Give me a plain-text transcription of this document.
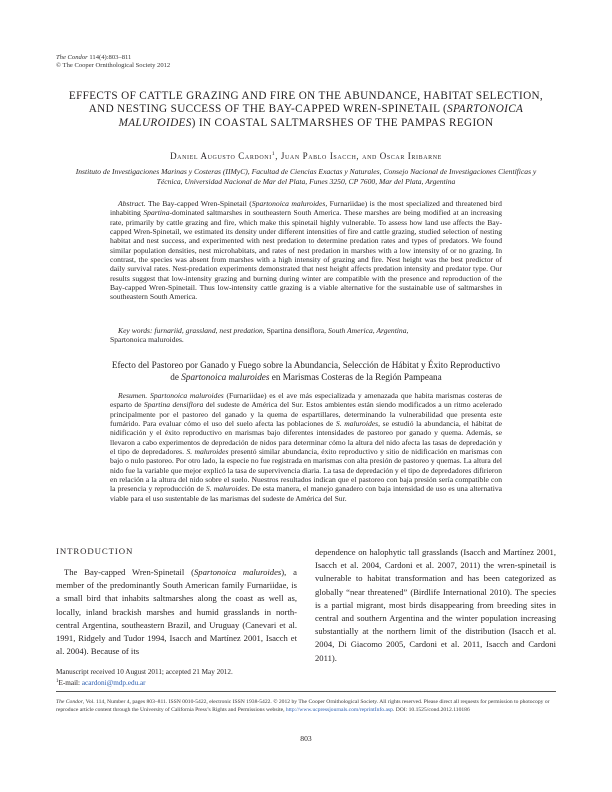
The Condor 114(4):803–811
© The Cooper Ornithological Society 2012
EFFECTS OF CATTLE GRAZING AND FIRE ON THE ABUNDANCE, HABITAT SELECTION, AND NESTING SUCCESS OF THE BAY-CAPPED WREN-SPINETAIL (SPARTONOICA MALUROIDES) IN COASTAL SALTMARSHES OF THE PAMPAS REGION
Daniel Augusto Cardoni$^1$, Juan Pablo Isacch, and Oscar Iribarne
Instituto de Investigaciones Marinas y Costeras (IIMyC), Facultad de Ciencias Exactas y Naturales, Consejo Nacional de Investigaciones Científicas y Técnica, Universidad Nacional de Mar del Plata, Funes 3250, CP 7600, Mar del Plata, Argentina

Abstract. The Bay-capped Wren-Spinetail (Spartonoica maluroides, Furnariidae) is the most specialized and threatened bird inhabiting Spartina-dominated saltmarshes in southeastern South America. These marshes are being modified at an increasing rate, primarily by cattle grazing and fire, which make this spinetail highly vulnerable. To assess how land use affects the Bay-capped Wren-Spinetail, we estimated its density under different intensities of fire and cattle grazing, studied selection of nesting habitat and nest success, and experimented with nest predation to determine predation rates and types of predators. We found similar population densities, nest microhabitats, and rates of nest predation in marshes with a low intensity of or no grazing. In contrast, the species was absent from marshes with a high intensity of grazing and fire. Nest height was the best predictor of daily survival rates. Nest-predation experiments demonstrated that nest height affects predation intensity and predator type. Our results suggest that low-intensity grazing and burning during winter are compatible with the presence and reproduction of the Bay-capped Wren-Spinetail. Thus low-intensity cattle grazing is a viable alternative for the sustainable use of saltmarshes in southeastern South America.

Key words: furnariid, grassland, nest predation, Spartina densiflora, South America, Argentina,
Spartonoica maluroides.

Efecto del Pastoreo por Ganado y Fuego sobre la Abundancia, Selección de Hábitat y Éxito Reproductivo de Spartonoica maluroides en Marismas Costeras de la Región Pampeana

Resumen. Spartonoica maluroides (Furnariidae) es el ave más especializada y amenazada que habita marismas costeras de esparto de Spartina densiflora del sudeste de América del Sur. Estos ambientes están siendo modificados a un ritmo acelerado principalmente por el pastoreo del ganado y la quema de espartillares, determinando la vulnerabilidad que presenta este furnárido. Para evaluar cómo el uso del suelo afecta las poblaciones de S. maluroides, se estudió la abundancia, el hábitat de nidificación y el éxito reproductivo en marismas bajo diferentes intensidades de pastoreo por ganado y quema. Además, se llevaron a cabo experimentos de depredación de nidos para determinar cómo la altura del nido afecta las tasas de depredación y el tipo de depredadores. S. maluroides presentó similar abundancia, éxito reproductivo y sitio de nidificación en marismas con bajo o nulo pastoreo. Por otro lado, la especie no fue registrada en marismas con alta presión de pastoreo y quemas. La altura del nido fue la variable que mejor explicó la tasa de supervivencia diaria. La tasa de depredación y el tipo de depredadores difirieron en relación a la altura del nido sobre el suelo. Nuestros resultados indican que el pastoreo con baja presión sería compatible con la presencia y reproducción de S. maluroides. De esta manera, el manejo ganadero con baja intensidad de uso es una alternativa viable para el uso sustentable de las marismas del sudeste de América del Sur.

INTRODUCTION

The Bay-capped Wren-Spinetail (Spartonoica maluroides), a member of the predominantly South American family Furnariidae, is a small bird that inhabits saltmarshes along the coast as well as, locally, inland brackish marshes and humid grasslands in north-central Argentina, southeastern Brazil, and Uruguay (Canevari et al. 1991, Ridgely and Tudor 1994, Isacch and Martínez 2001, Isacch et al. 2004). Because of its

dependence on halophytic tall grasslands (Isacch and Martínez 2001, Isacch et al. 2004, Cardoni et al. 2007, 2011) the wren-spinetail is vulnerable to habitat transformation and has been categorized as globally “near threatened” (Birdlife International 2010). The species is a partial migrant, most birds disappearing from breeding sites in central and southern Argentina and the winter population increasing substantially at the northern limit of the distribution (Isacch et al. 2004, Di Giacomo 2005, Cardoni et al. 2011, Isacch and Cardoni 2011).

Manuscript received 10 August 2011; accepted 21 May 2012.
$^1$E-mail: acardoni@mdp.edu.ar
The Condor, Vol. 114, Number 4, pages 803–811. ISSN 0010-5422, electronic ISSN 1938-5422. © 2012 by The Cooper Ornithological Society. All rights reserved. Please direct all requests for permission to photocopy or reproduce article content through the University of California Press’s Rights and Permissions website, http://www.ucpressjournals.com/reprintInfo.asp. DOI: 10.1525/cond.2012.110186
803
